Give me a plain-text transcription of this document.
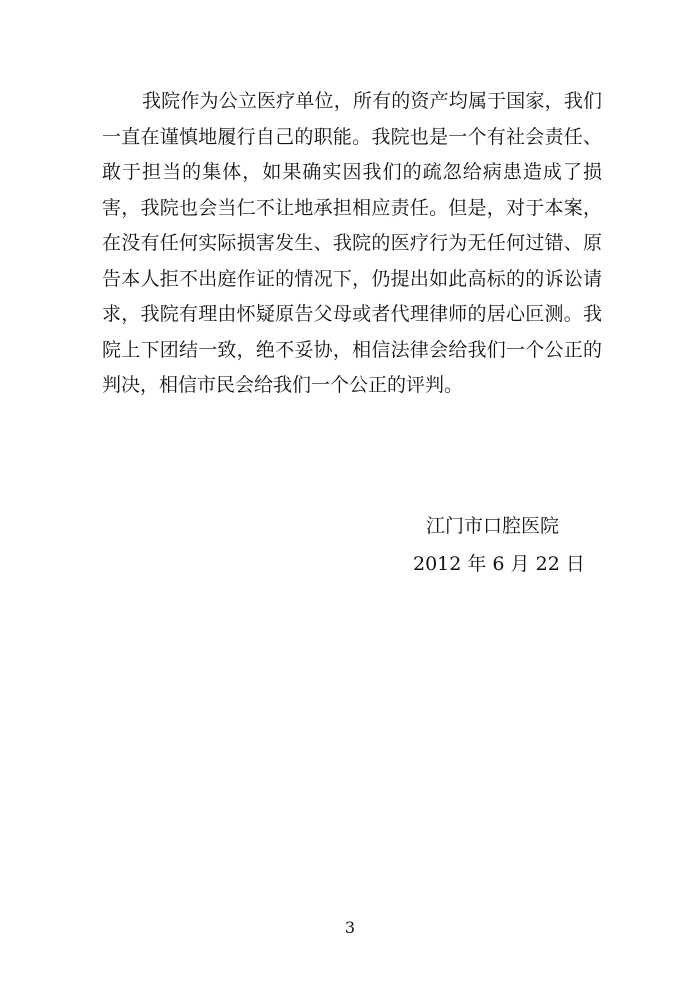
我院作为公立医疗单位，所有的资产均属于国家，我们
一直在谨慎地履行自己的职能。我院也是一个有社会责任、
敢于担当的集体，如果确实因我们的疏忽给病患造成了损
害，我院也会当仁不让地承担相应责任。但是，对于本案，
在没有任何实际损害发生、我院的医疗行为无任何过错、原
告本人拒不出庭作证的情况下，仍提出如此高标的的诉讼请
求，我院有理由怀疑原告父母或者代理律师的居心叵测。我
院上下团结一致，绝不妥协，相信法律会给我们一个公正的
判决，相信市民会给我们一个公正的评判。
江门市口腔医院
2012 年 6 月 22 日
3
